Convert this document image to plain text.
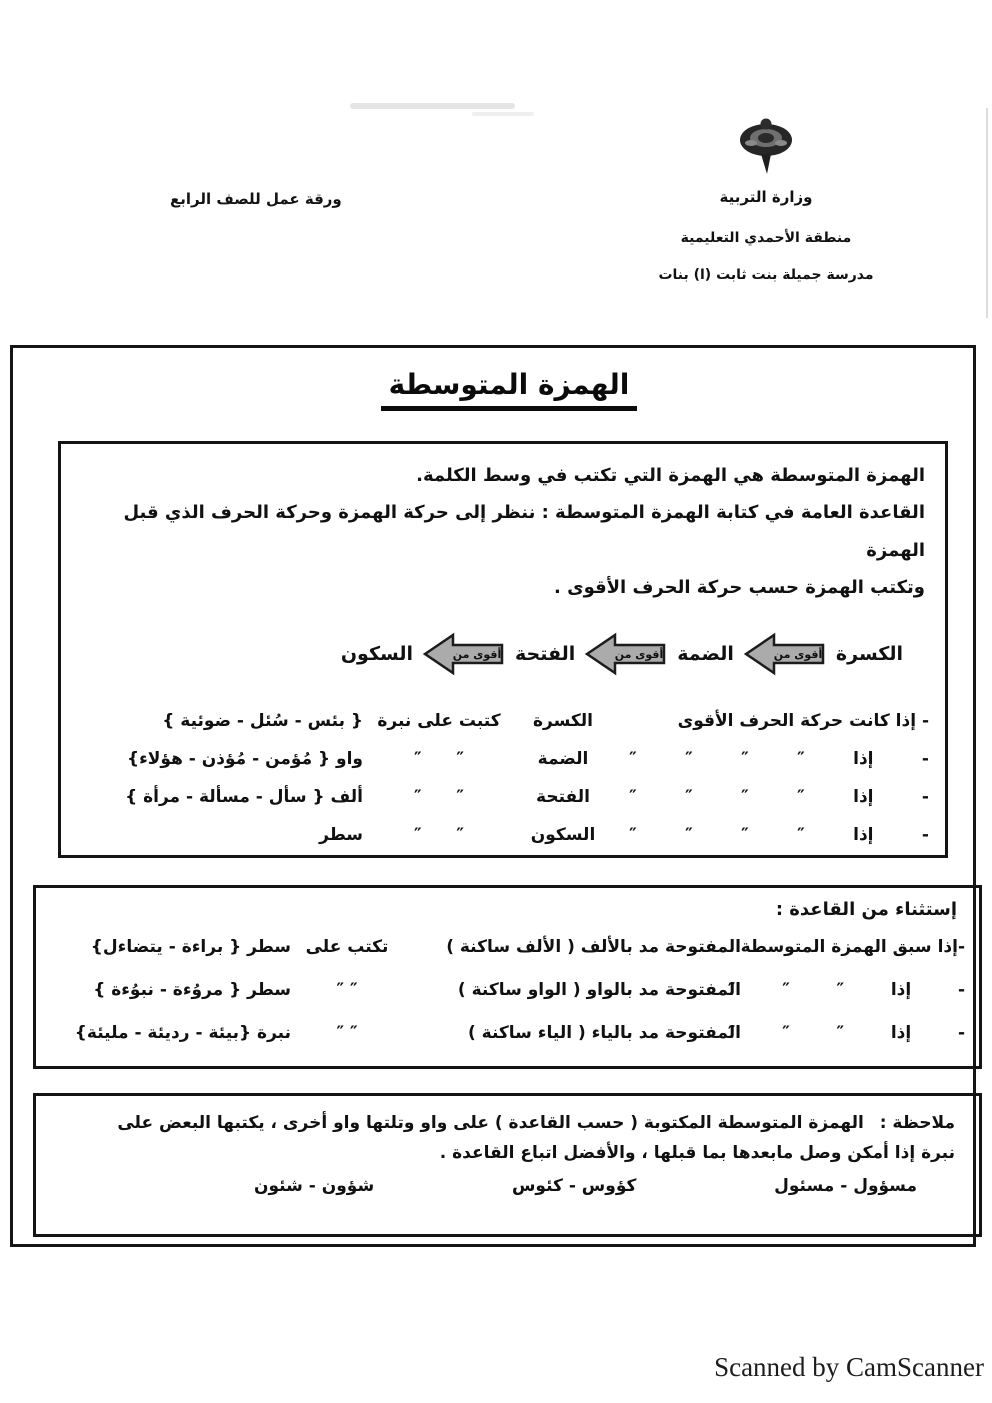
ورقة عمل للصف الرابع	وزارة التربية
منطقة الأحمدي التعليمية
مدرسة جميلة بنت ثابت (ا) بنات
الهمزة المتوسطة
الهمزة المتوسطة هي الهمزة التي تكتب في وسط الكلمة.
القاعدة العامة في كتابة الهمزة المتوسطة : ننظر إلى حركة الهمزة وحركة الحرف الذي قبل الهمزة
وتكتب الهمزة حسب حركة الحرف الأقوى .
الكسرة
أقوى من
الضمة
أقوى من
الفتحة
أقوى من
السكون
- إذا كانت حركة الحرف الأقوى
الكسرة
كتبت على نبرة
{ بئس - سُئل - ضوئية }
- إذا ″ ″ ″ ″
الضمة
″ ″
واو { مُؤمن - مُؤذن - هؤلاء}
- إذا ″ ″ ″ ″
الفتحة
″ ″
ألف { سأل - مسألة - مرأة }
- إذا ″ ″ ″ ″
السكون
″ ″
سطر
إستثناء من القاعدة :
-إذا سبق الهمزة المتوسطة
المفتوحة مد بالألف ( الألف ساكنة )
تكتب على
سطر { براءة - يتضاءل}
- إذا ″ ″ ″
المفتوحة مد بالواو ( الواو ساكنة )
″ ″
سطر { مروُءة - نبوُءة }
- إذا ″ ″ ″
المفتوحة مد بالياء ( الياء ساكنة )
″ ″
نبرة {بيئة - رديئة - مليئة}
ملاحظة : الهمزة المتوسطة المكتوبة ( حسب القاعدة ) على واو وتلتها واو أخرى ، يكتبها البعض على
نبرة إذا أمكن وصل مابعدها بما قبلها ، والأفضل اتباع القاعدة .
مسؤول - مسئول
كؤوس - كئوس
شؤون - شئون
Scanned by CamScanner
